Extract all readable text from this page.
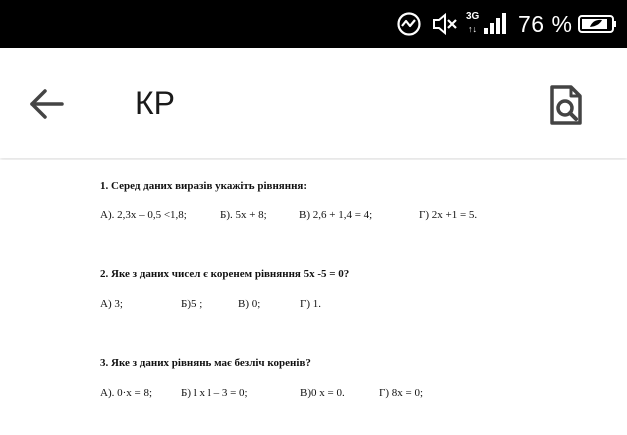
3G
↑↓ 76 %
КР
1. Серед даних виразів укажіть рівняння:
А). 2,3х – 0,5 <1,8;	Б). 5х + 8;	В) 2,6 + 1,4 = 4;	Г) 2х +1 = 5.
2. Яке з даних чисел є коренем рівняння 5х -5 = 0?
А) 3;	Б)5 ;	В) 0;	Г) 1.
3. Яке з даних рівнянь має безліч коренів?
А). 0·х = 8;	Б) l х l – 3 = 0;	В)0 х = 0.	Г) 8х = 0;
